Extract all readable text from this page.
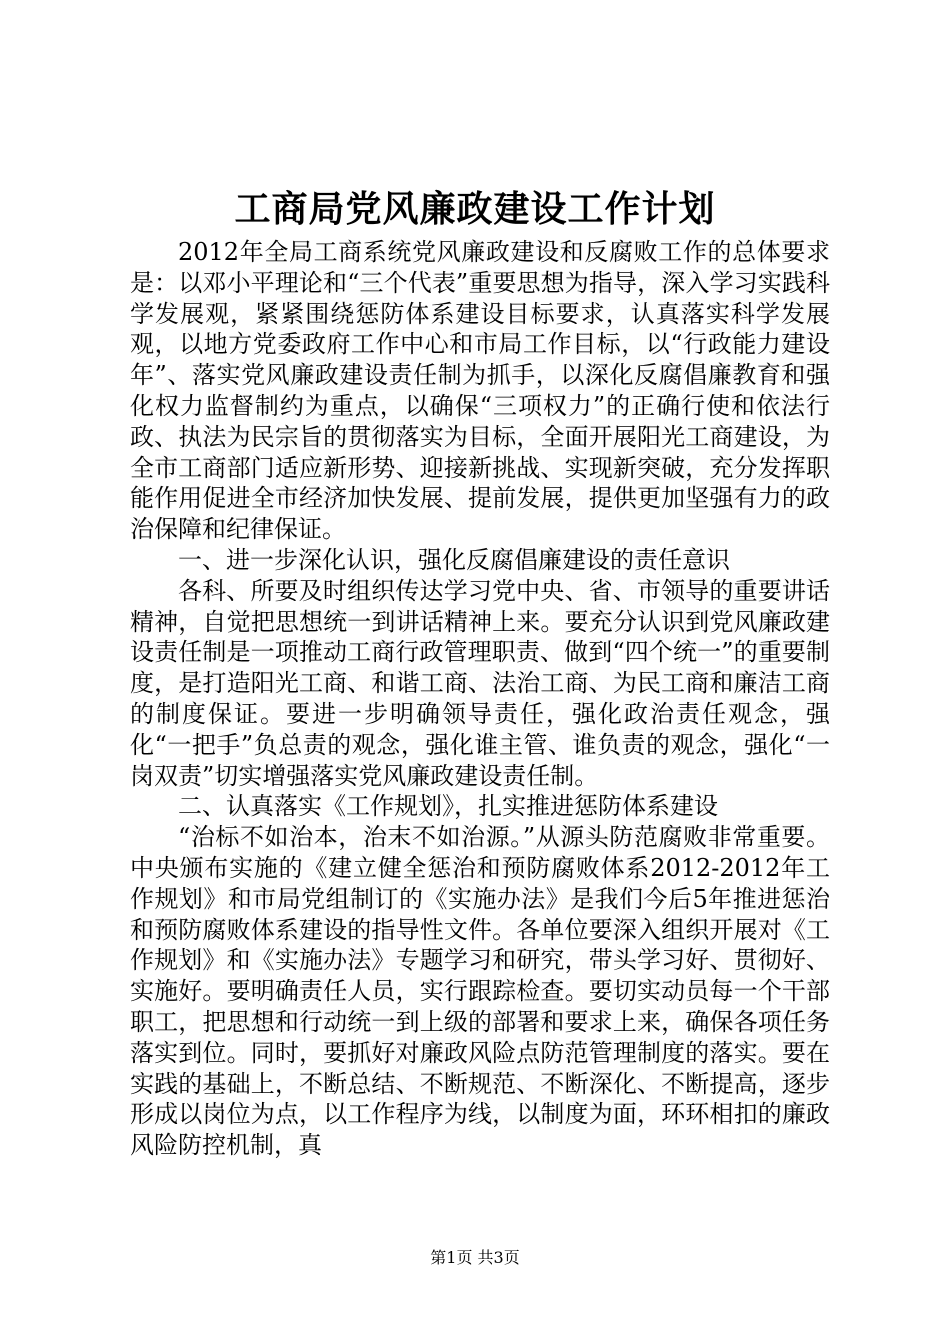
工商局党风廉政建设工作计划

2012年全局工商系统党风廉政建设和反腐败工作的总体要求是：以邓小平理论和“三个代表”重要思想为指导，深入学习实践科学发展观，紧紧围绕惩防体系建设目标要求，认真落实科学发展观，以地方党委政府工作中心和市局工作目标，以“行政能力建设年”、落实党风廉政建设责任制为抓手，以深化反腐倡廉教育和强化权力监督制约为重点，以确保“三项权力”的正确行使和依法行政、执法为民宗旨的贯彻落实为目标，全面开展阳光工商建设，为全市工商部门适应新形势、迎接新挑战、实现新突破，充分发挥职能作用促进全市经济加快发展、提前发展，提供更加坚强有力的政治保障和纪律保证。

一、进一步深化认识，强化反腐倡廉建设的责任意识

各科、所要及时组织传达学习党中央、省、市领导的重要讲话精神，自觉把思想统一到讲话精神上来。要充分认识到党风廉政建设责任制是一项推动工商行政管理职责、做到“四个统一”的重要制度，是打造阳光工商、和谐工商、法治工商、为民工商和廉洁工商的制度保证。要进一步明确领导责任，强化政治责任观念，强化“一把手”负总责的观念，强化谁主管、谁负责的观念，强化“一岗双责”切实增强落实党风廉政建设责任制。

二、认真落实《工作规划》，扎实推进惩防体系建设

“治标不如治本，治末不如治源。”从源头防范腐败非常重要。中央颁布实施的《建立健全惩治和预防腐败体系2012-2012年工作规划》和市局党组制订的《实施办法》是我们今后5年推进惩治和预防腐败体系建设的指导性文件。各单位要深入组织开展对《工作规划》和《实施办法》专题学习和研究，带头学习好、贯彻好、实施好。要明确责任人员，实行跟踪检查。要切实动员每一个干部职工，把思想和行动统一到上级的部署和要求上来，确保各项任务落实到位。同时，要抓好对廉政风险点防范管理制度的落实。要在实践的基础上，不断总结、不断规范、不断深化、不断提高，逐步形成以岗位为点，以工作程序为线，以制度为面，环环相扣的廉政风险防控机制，真

第1页 共3页
